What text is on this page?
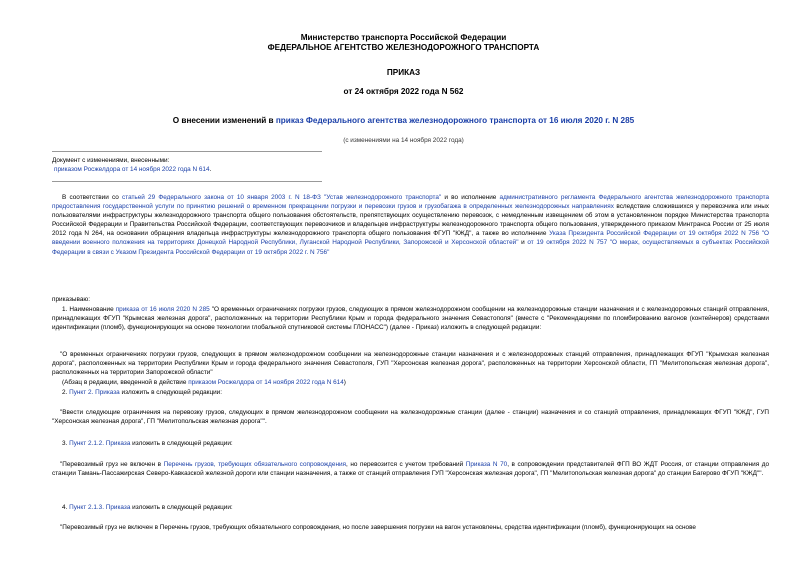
Министерство транспорта Российской Федерации
ФЕДЕРАЛЬНОЕ АГЕНТСТВО ЖЕЛЕЗНОДОРОЖНОГО ТРАНСПОРТА
ПРИКАЗ
от 24 октября 2022 года N 562
О внесении изменений в приказ Федерального агентства железнодорожного транспорта от 16 июля 2020 г. N 285
(с изменениями на 14 ноября 2022 года)
Документ с изменениями, внесенными:
приказом Росжелдора от 14 ноября 2022 года N 614.
В соответствии со статьей 29 Федерального закона от 10 января 2003 г. N 18-ФЗ "Устав железнодорожного транспорта" и во исполнение административного регламента Федерального агентства железнодорожного транспорта предоставления государственной услуги по принятию решений о временном прекращении погрузки и перевозки грузов и грузобагажа в определенных железнодорожных направлениях вследствие сложившихся у перевозчика или иных пользователями инфраструктуры железнодорожного транспорта общего пользования обстоятельств, препятствующих осуществлению перевозок, с немедленным извещением об этом в установленном порядке Министерства транспорта Российской Федерации и Правительства Российской Федерации, соответствующих перевозчиков и владельцев инфраструктуры железнодорожного транспорта общего пользования, утвержденного приказом Минтранса России от 25 июля 2012 года N 264, на основании обращения владельца инфраструктуры железнодорожного транспорта общего пользования ФГУП "КЖД", а также во исполнение Указа Президента Российской Федерации от 19 октября 2022 N 756 "О введении военного положения на территориях Донецкой Народной Республики, Луганской Народной Республики, Запорожской и Херсонской областей" и от 19 октября 2022 N 757 "О мерах, осуществляемых в субъектах Российской Федерации в связи с Указом Президента Российской Федерации от 19 октября 2022 г. N 756"
приказываю:
1. Наименование приказа от 16 июля 2020 N 285 "О временных ограничениях погрузки грузов, следующих в прямом железнодорожном сообщении на железнодорожные станции назначения и с железнодорожных станций отправления, принадлежащих ФГУП "Крымская железная дорога", расположенных на территории Республики Крым и города федерального значения Севастополя" (вместе с "Рекомендациями по пломбированию вагонов (контейнеров) средствами идентификации (пломб), функционирующих на основе технологии глобальной спутниковой системы ГЛОНАСС") (далее - Приказ) изложить в следующей редакции:
"О временных ограничениях погрузки грузов, следующих в прямом железнодорожном сообщении на железнодорожные станции назначения и с железнодорожных станций отправления, принадлежащих ФГУП "Крымская железная дорога", расположенных на территории Республики Крым и города федерального значения Севастополя, ГУП "Херсонская железная дорога", расположенных на территории Херсонской области, ГП "Мелитопольская железная дорога", расположенных на территории Запорожской области"
(Абзац в редакции, введенной в действие приказом Росжелдора от 14 ноября 2022 года N 614)
2. Пункт 2. Приказа изложить в следующей редакции:
"Ввести следующие ограничения на перевозку грузов, следующих в прямом железнодорожном сообщении на железнодорожные станции (далее - станции) назначения и со станций отправления, принадлежащих ФГУП "КЖД", ГУП "Херсонская железная дорога", ГП "Мелитопольская железная дорога"".
3. Пункт 2.1.2. Приказа изложить в следующей редакции:
"Перевозимый груз не включен в Перечень грузов, требующих обязательного сопровождения, но перевозится с учетом требований Приказа N 70, в сопровождении представителей ФГП ВО ЖДТ Россия, от станции отправления до станции Тамань-Пассажирская Северо-Кавказской железной дороги или станции назначения, а также от станций отправления ГУП "Херсонская железная дорога", ГП "Мелитопольская железная дорога" до станции Багерово ФГУП "КЖД"".
4. Пункт 2.1.3. Приказа изложить в следующей редакции:
"Перевозимый груз не включен в Перечень грузов, требующих обязательного сопровождения, но после завершения погрузки на вагон установлены, средства идентификации (пломб), функционирующих на основе
